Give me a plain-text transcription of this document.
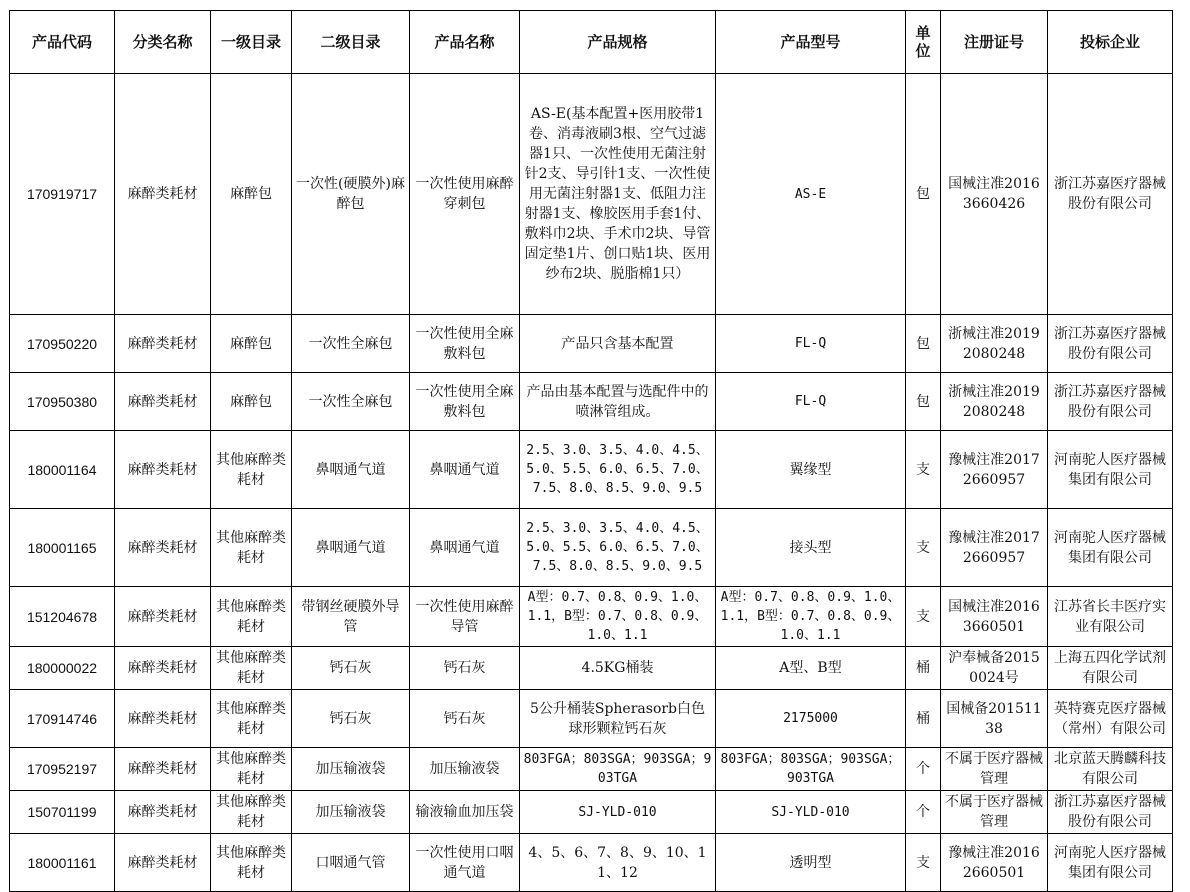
产品代码	分类名称	一级目录	二级目录	产品名称	产品规格	产品型号	单位	注册证号	投标企业
170919717	麻醉类耗材	麻醉包	一次性(硬膜外)麻醉包	一次性使用麻醉穿刺包	AS-E(基本配置+医用胶带1卷、消毒液刷3根、空气过滤器1只、一次性使用无菌注射针2支、导引针1支、一次性使用无菌注射器1支、低阻力注射器1支、橡胶医用手套1付、敷料巾2块、手术巾2块、导管固定垫1片、创口贴1块、医用纱布2块、脱脂棉1只）	AS-E	包	国械注准20163660426	浙江苏嘉医疗器械股份有限公司
170950220	麻醉类耗材	麻醉包	一次性全麻包	一次性使用全麻敷料包	产品只含基本配置	FL-Q	包	浙械注准20192080248	浙江苏嘉医疗器械股份有限公司
170950380	麻醉类耗材	麻醉包	一次性全麻包	一次性使用全麻敷料包	产品由基本配置与选配件中的喷淋管组成。	FL-Q	包	浙械注准20192080248	浙江苏嘉医疗器械股份有限公司
180001164	麻醉类耗材	其他麻醉类耗材	鼻咽通气道	鼻咽通气道	2.5、3.0、3.5、4.0、4.5、5.0、5.5、6.0、6.5、7.0、7.5、8.0、8.5、9.0、9.5	翼缘型	支	豫械注准20172660957	河南驼人医疗器械集团有限公司
180001165	麻醉类耗材	其他麻醉类耗材	鼻咽通气道	鼻咽通气道	2.5、3.0、3.5、4.0、4.5、5.0、5.5、6.0、6.5、7.0、7.5、8.0、8.5、9.0、9.5	接头型	支	豫械注准20172660957	河南驼人医疗器械集团有限公司
151204678	麻醉类耗材	其他麻醉类耗材	带钢丝硬膜外导管	一次性使用麻醉导管	A型：0.7、0.8、0.9、1.0、1.1，B型：0.7、0.8、0.9、1.0、1.1	A型：0.7、0.8、0.9、1.0、1.1，B型：0.7、0.8、0.9、1.0、1.1	支	国械注准20163660501	江苏省长丰医疗实业有限公司
180000022	麻醉类耗材	其他麻醉类耗材	钙石灰	钙石灰	4.5KG桶装	A型、B型	桶	沪奉械备20150024号	上海五四化学试剂有限公司
170914746	麻醉类耗材	其他麻醉类耗材	钙石灰	钙石灰	5公升桶装Spherasorb白色球形颗粒钙石灰	2175000	桶	国械备20151138	英特赛克医疗器械（常州）有限公司
170952197	麻醉类耗材	其他麻醉类耗材	加压输液袋	加压输液袋	803FGA；803SGA；903SGA；903TGA	803FGA；803SGA；903SGA；903TGA	个	不属于医疗器械管理	北京蓝天腾麟科技有限公司
150701199	麻醉类耗材	其他麻醉类耗材	加压输液袋	输液输血加压袋	SJ-YLD-010	SJ-YLD-010	个	不属于医疗器械管理	浙江苏嘉医疗器械股份有限公司
180001161	麻醉类耗材	其他麻醉类耗材	口咽通气管	一次性使用口咽通气道	4、5、6、7、8、9、10、11、12	透明型	支	豫械注准20162660501	河南驼人医疗器械集团有限公司
